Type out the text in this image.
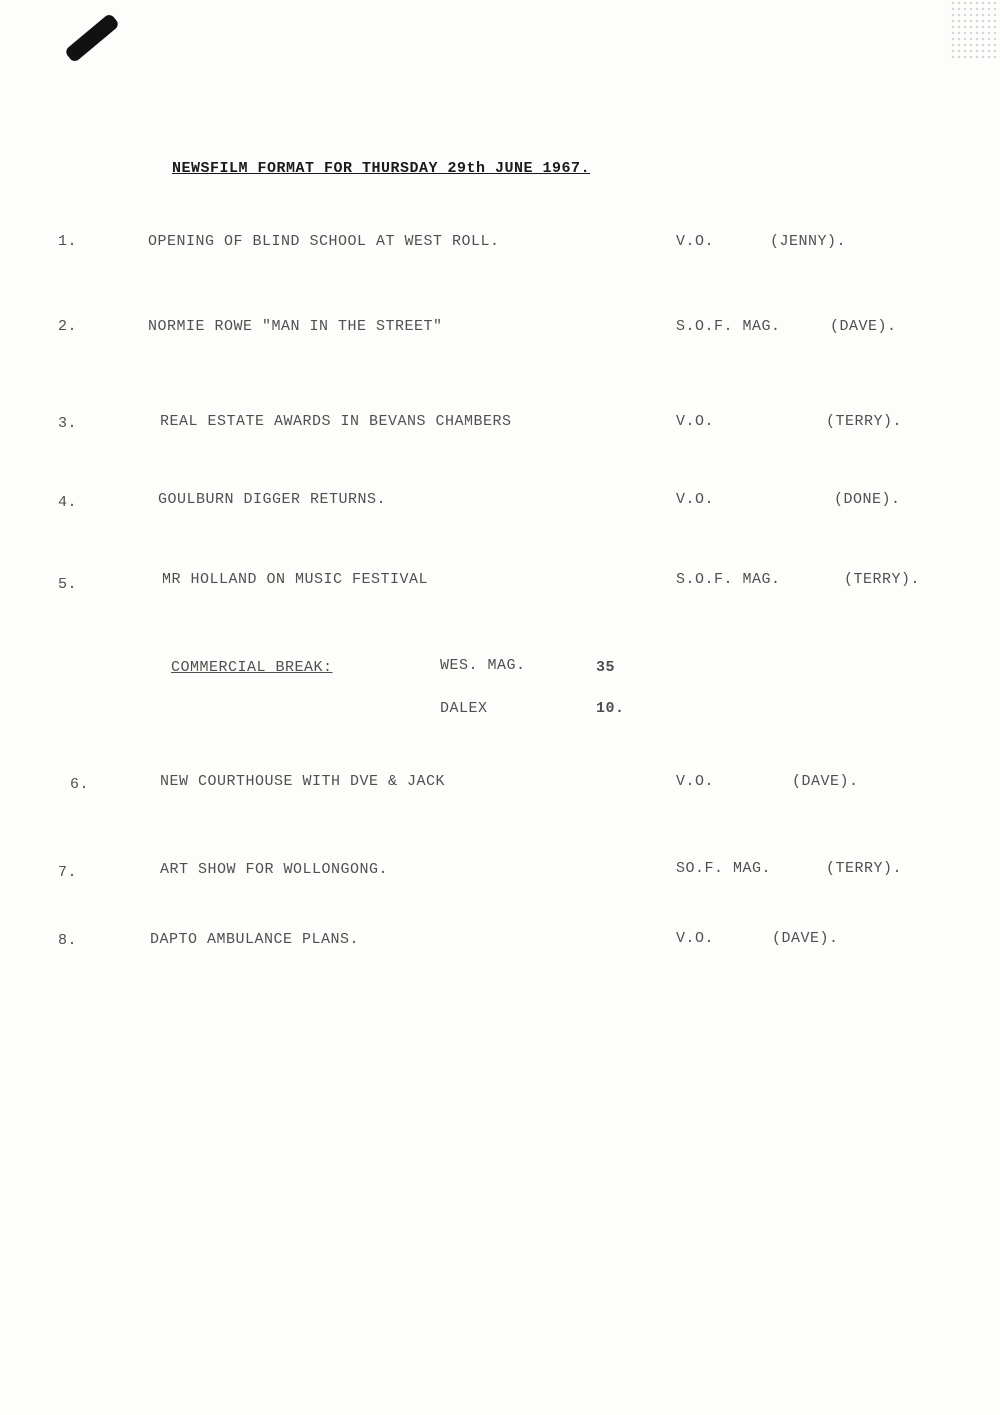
NEWSFILM FORMAT FOR THURSDAY 29th JUNE 1967.
1.	OPENING OF BLIND SCHOOL AT WEST ROLL.	V.O.	(JENNY).
2.	NORMIE ROWE "MAN IN THE STREET"	S.O.F. MAG.	(DAVE).
3.	REAL ESTATE AWARDS IN BEVANS CHAMBERS	V.O.	(TERRY).
4.	GOULBURN DIGGER RETURNS.	V.O.	(DONE).
5.	MR HOLLAND ON MUSIC FESTIVAL	S.O.F. MAG.	(TERRY).
COMMERCIAL BREAK:	WES. MAG.	35
DALEX	10.
6.	NEW COURTHOUSE WITH DVE & JACK	V.O.	(DAVE).
7.	ART SHOW FOR WOLLONGONG.	SO.F. MAG.	(TERRY).
8.	DAPTO AMBULANCE PLANS.	V.O.	(DAVE).
